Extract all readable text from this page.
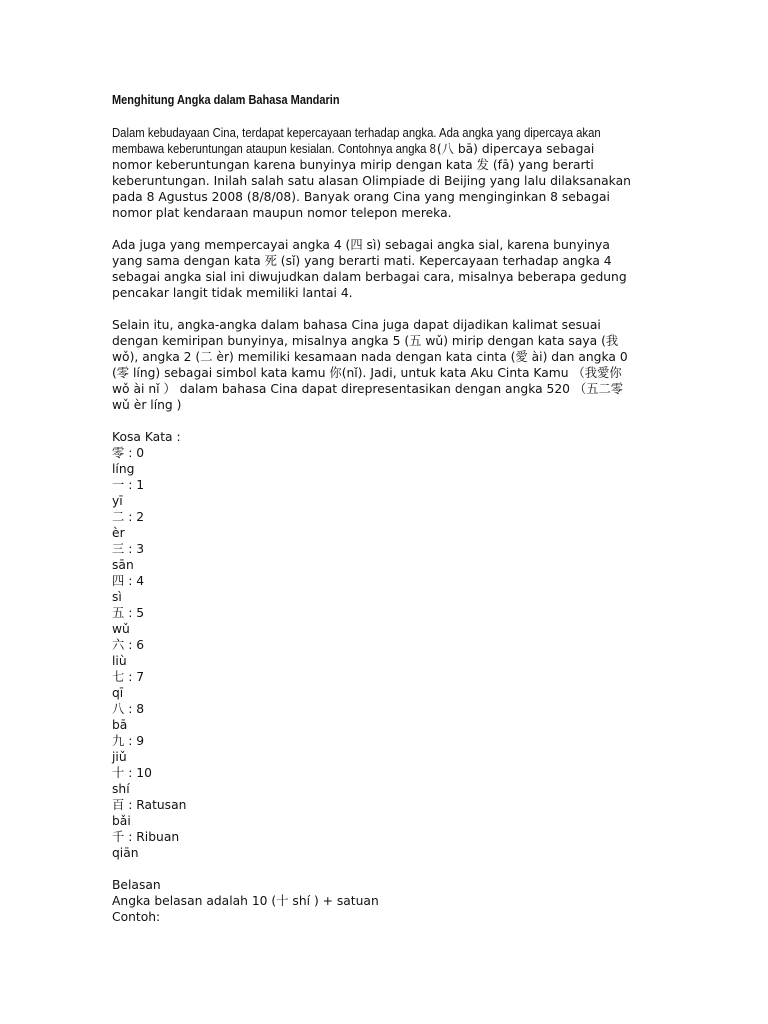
Menghitung Angka dalam Bahasa Mandarin
Dalam kebudayaan Cina, terdapat kepercayaan terhadap angka. Ada angka yang dipercaya akan
membawa keberuntungan ataupun kesialan. Contohnya angka 8 (八 bā) dipercaya sebagai
nomor keberuntungan karena bunyinya mirip dengan kata 发 (fā) yang berarti
keberuntungan. Inilah salah satu alasan Olimpiade di Beijing yang lalu dilaksanakan
pada 8 Agustus 2008 (8/8/08). Banyak orang Cina yang menginginkan 8 sebagai
nomor plat kendaraan maupun nomor telepon mereka.
Ada juga yang mempercayai angka 4 (四 sì) sebagai angka sial, karena bunyinya
yang sama dengan kata 死 (sǐ) yang berarti mati. Kepercayaan terhadap angka 4
sebagai angka sial ini diwujudkan dalam berbagai cara, misalnya beberapa gedung
pencakar langit tidak memiliki lantai 4.
Selain itu, angka-angka dalam bahasa Cina juga dapat dijadikan kalimat sesuai
dengan kemiripan bunyinya, misalnya angka 5 (五 wǔ) mirip dengan kata saya (我
wǒ), angka 2 (二 èr) memiliki kesamaan nada dengan kata cinta (愛 ài) dan angka 0
(零 líng) sebagai simbol kata kamu 你(nǐ). Jadi, untuk kata Aku Cinta Kamu （我愛你
wǒ ài nǐ ） dalam bahasa Cina dapat direpresentasikan dengan angka 520 （五二零
wǔ èr líng )
Kosa Kata :
零 : 0
líng
一 : 1
yī
二 : 2
èr
三 : 3
sān
四 : 4
sì
五 : 5
wǔ
六 : 6
liù
七 : 7
qī
八 : 8
bā
九 : 9
jiǔ
十 : 10
shí
百 : Ratusan
bǎi
千 : Ribuan
qiān
Belasan
Angka belasan adalah 10 (十 shí ) + satuan
Contoh:
